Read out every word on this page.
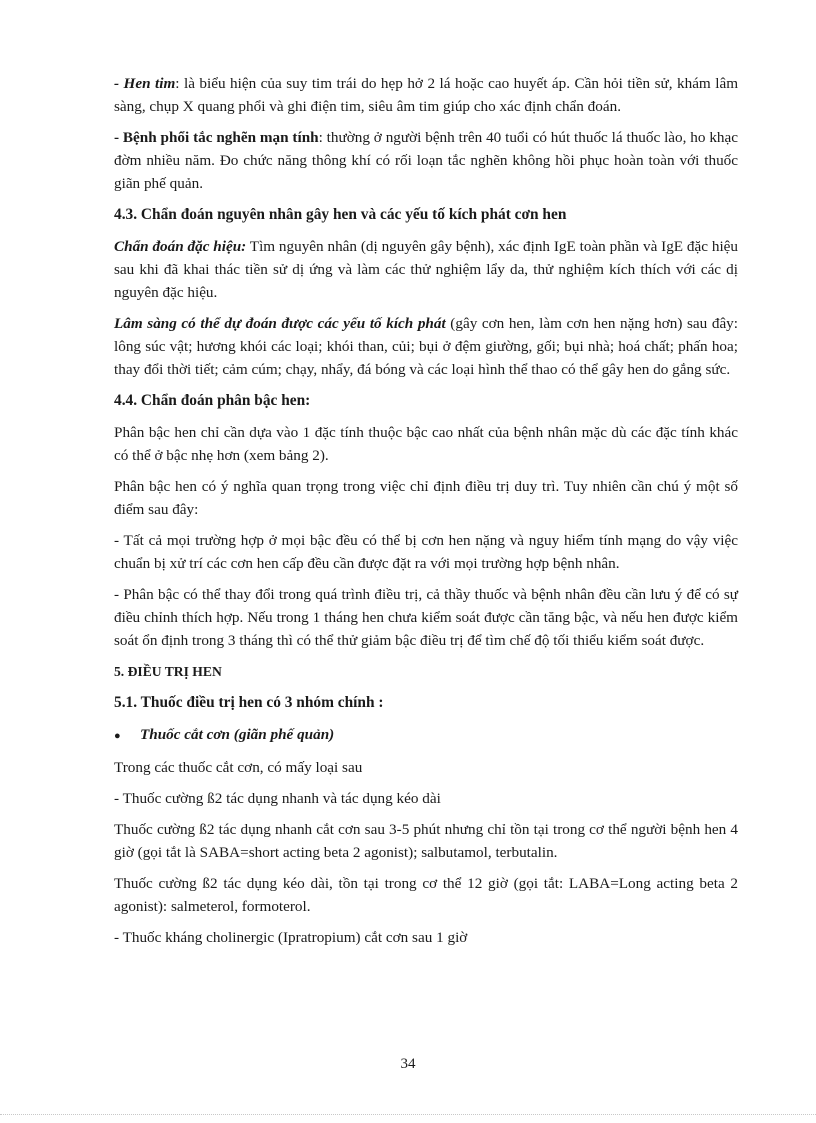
- Hen tim: là biểu hiện của suy tim trái do hẹp hở 2 lá hoặc cao huyết áp. Cần hỏi tiền sử, khám lâm sàng, chụp X quang phổi và ghi điện tim, siêu âm tim giúp cho xác định chẩn đoán.

- Bệnh phổi tắc nghẽn mạn tính: thường ở người bệnh trên 40 tuổi có hút thuốc lá thuốc lào, ho khạc đờm nhiều năm. Đo chức năng thông khí có rối loạn tắc nghẽn không hồi phục hoàn toàn với thuốc giãn phế quản.

4.3. Chẩn đoán nguyên nhân gây hen và các yếu tố kích phát cơn hen

Chẩn đoán đặc hiệu: Tìm nguyên nhân (dị nguyên gây bệnh), xác định IgE toàn phần và IgE đặc hiệu sau khi đã khai thác tiền sử dị ứng và làm các thử nghiệm lẩy da, thử nghiệm kích thích với các dị nguyên đặc hiệu.

Lâm sàng có thể dự đoán được các yếu tố kích phát (gây cơn hen, làm cơn hen nặng hơn) sau đây: lông súc vật; hương khói các loại; khói than, củi; bụi ở đệm giường, gối; bụi nhà; hoá chất; phấn hoa; thay đổi thời tiết; cảm cúm; chạy, nhẩy, đá bóng và các loại hình thể thao có thể gây hen do gắng sức.

4.4. Chẩn đoán phân bậc hen:

Phân bậc hen chỉ cần dựa vào 1 đặc tính thuộc bậc cao nhất của bệnh nhân mặc dù các đặc tính khác có thể ở bậc nhẹ hơn (xem bảng 2).

Phân bậc hen có ý nghĩa quan trọng trong việc chỉ định điều trị duy trì. Tuy nhiên cần chú ý một số điểm sau đây:

- Tất cả mọi trường hợp ở mọi bậc đều có thể bị cơn hen nặng và nguy hiểm tính mạng do vậy việc chuẩn bị xử trí các cơn hen cấp đều cần được đặt ra với mọi trường hợp bệnh nhân.

- Phân bậc có thể thay đổi trong quá trình điều trị, cả thầy thuốc và bệnh nhân đều cần lưu ý để có sự điều chỉnh thích hợp. Nếu trong 1 tháng hen chưa kiểm soát được cần tăng bậc, và nếu hen được kiểm soát ổn định trong 3 tháng thì có thể thử giảm bậc điều trị để tìm chế độ tối thiểu kiểm soát được.

5. ĐIỀU TRỊ HEN
5.1. Thuốc điều trị hen có 3 nhóm chính :
●	Thuốc cắt cơn (giãn phế quản)

Trong các thuốc cắt cơn, có mấy loại sau

- Thuốc cường ß2 tác dụng nhanh và tác dụng kéo dài

Thuốc cường ß2 tác dụng nhanh cắt cơn sau 3-5 phút nhưng chỉ tồn tại trong cơ thể người bệnh hen 4 giờ (gọi tắt là SABA=short acting beta 2 agonist); salbutamol, terbutalin.

Thuốc cường ß2 tác dụng kéo dài, tồn tại trong cơ thể 12 giờ (gọi tắt: LABA=Long acting beta 2 agonist): salmeterol, formoterol.

- Thuốc kháng cholinergic (Ipratropium) cắt cơn sau 1 giờ

34
